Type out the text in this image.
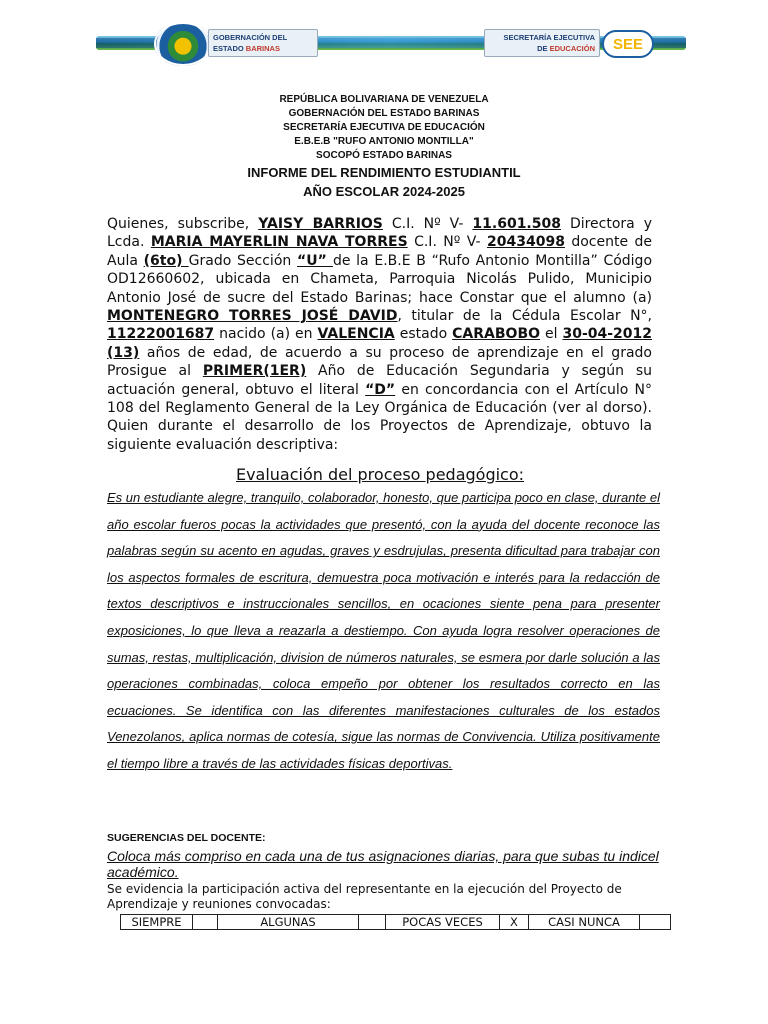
GOBERNACIÓN DEL
ESTADO BARINAS
SECRETARÍA EJECUTIVA
DE EDUCACIÓN	SEE
REPÚBLICA BOLIVARIANA DE VENEZUELA
GOBERNACIÓN DEL ESTADO BARINAS
SECRETARÍA EJECUTIVA DE EDUCACIÓN
E.B.E.B "RUFO ANTONIO MONTILLA"
SOCOPÓ ESTADO BARINAS
INFORME DEL RENDIMIENTO ESTUDIANTIL
AÑO ESCOLAR 2024-2025
Quienes, subscribe, YAISY BARRIOS C.I. Nº V- 11.601.508 Directora y Lcda. MARIA MAYERLIN NAVA TORRES C.I. Nº V- 20434098 docente de Aula (6to) Grado Sección “U” de la E.B.E B “Rufo Antonio Montilla” Código OD12660602, ubicada en Chameta, Parroquia Nicolás Pulido, Municipio Antonio José de sucre del Estado Barinas; hace Constar que el alumno (a) MONTENEGRO TORRES JOSÉ DAVID, titular de la Cédula Escolar N°, 11222001687 nacido (a) en VALENCIA estado CARABOBO el 30-04-2012 (13) años de edad, de acuerdo a su proceso de aprendizaje en el grado Prosigue al PRIMER(1ER) Año de Educación Segundaria y según su actuación general, obtuvo el literal “D” en concordancia con el Artículo N° 108 del Reglamento General de la Ley Orgánica de Educación (ver al dorso). Quien durante el desarrollo de los Proyectos de Aprendizaje, obtuvo la siguiente evaluación descriptiva:
Evaluación del proceso pedagógico:
Es un estudiante alegre, tranquilo, colaborador, honesto, que participa poco en clase, durante el año escolar fueros pocas la actividades que presentó, con la ayuda del docente reconoce las palabras según su acento en agudas, graves y esdrujulas, presenta dificultad para trabajar con los aspectos formales de escritura, demuestra poca motivación e interés para la redacción de textos descriptivos e instruccionales sencillos, en ocaciones siente pena para presenter exposiciones, lo que lleva a reazarla a destiempo. Con ayuda logra resolver operaciones de sumas, restas, multiplicación, division de números naturales, se esmera por darle solución a las operaciones combinadas, coloca empeño por obtener los resultados correcto en las ecuaciones. Se identifica con las diferentes manifestaciones culturales de los estados Venezolanos, aplica normas de cotesía, sigue las normas de Convivencia. Utiliza positivamente el tiempo libre a través de las actividades físicas deportivas.
SUGERENCIAS DEL DOCENTE:
Coloca más compriso en cada una de tus asignaciones diarias, para que subas tu indicel académico.
Se evidencia la participación activa del representante en la ejecución del Proyecto de Aprendizaje y reuniones convocadas:
SIEMPRE		ALGUNAS		POCAS VECES	X	CASI NUNCA	
